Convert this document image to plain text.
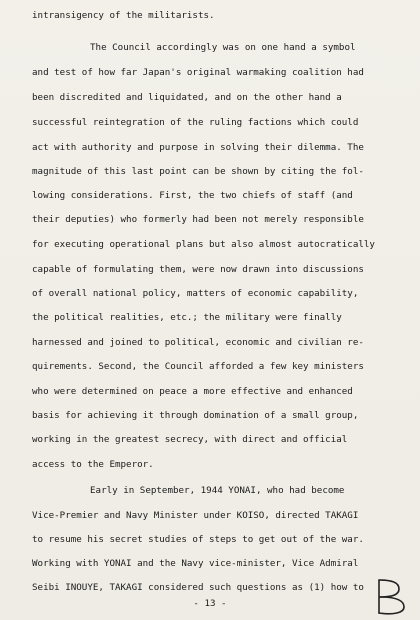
intransigency of the militarists.
The Council accordingly was on one hand a symbol
and test of how far Japan's original warmaking coalition had
been discredited and liquidated, and on the other hand a
successful reintegration of the ruling factions which could
act with authority and purpose in solving their dilemma. The
magnitude of this last point can be shown by citing the fol-
lowing considerations. First, the two chiefs of staff (and
their deputies) who formerly had been not merely responsible
for executing operational plans but also almost autocratically
capable of formulating them, were now drawn into discussions
of overall national policy, matters of economic capability,
the political realities, etc.; the military were finally
harnessed and joined to political, economic and civilian re-
quirements. Second, the Council afforded a few key ministers
who were determined on peace a more effective and enhanced
basis for achieving it through domination of a small group,
working in the greatest secrecy, with direct and official
access to the Emperor.
Early in September, 1944 YONAI, who had become
Vice-Premier and Navy Minister under KOISO, directed TAKAGI
to resume his secret studies of steps to get out of the war.
Working with YONAI and the Navy vice-minister, Vice Admiral
Seibi INOUYE, TAKAGI considered such questions as (1) how to
- 13 -
